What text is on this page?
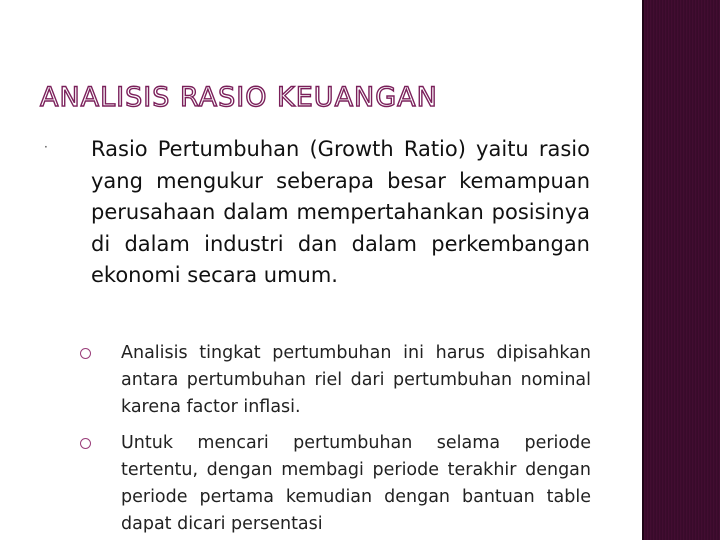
ANALISIS RASIO KEUANGAN
· Rasio Pertumbuhan (Growth Ratio) yaitu rasio yang mengukur seberapa besar kemampuan perusahaan dalam mempertahankan posisinya di dalam industri dan dalam perkembangan ekonomi secara umum.
Analisis tingkat pertumbuhan ini harus dipisahkan antara pertumbuhan riel dari pertumbuhan nominal karena factor inflasi.
Untuk mencari pertumbuhan selama periode tertentu, dengan membagi periode terakhir dengan periode pertama kemudian dengan bantuan table dapat dicari persentasi
